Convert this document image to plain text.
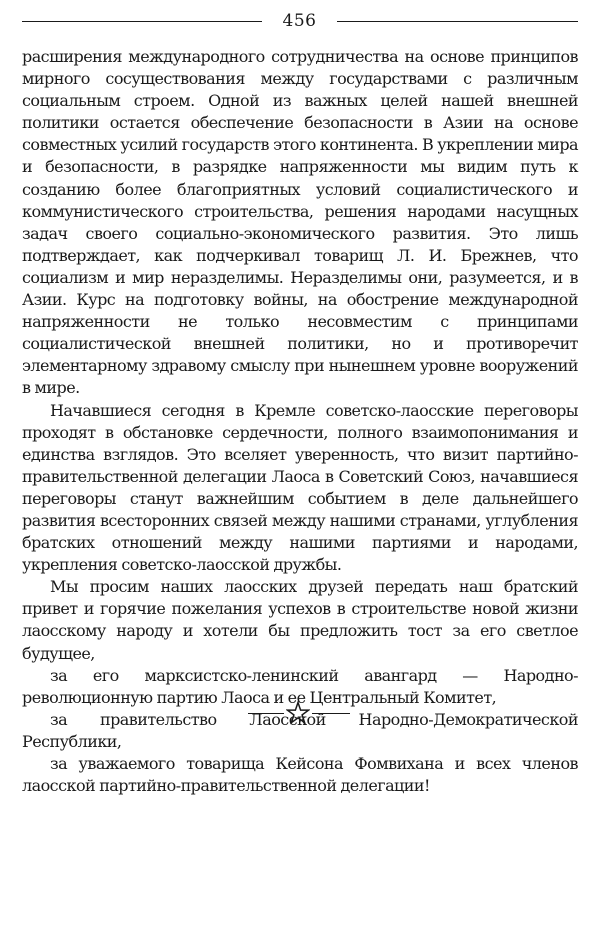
456

расширения международного сотрудничества на основе принципов мирного сосуществования между государствами с различным социальным строем. Одной из важных целей нашей внешней политики остается обеспечение безопасности в Азии на основе совместных усилий государств этого континента. В укреплении мира и безопасности, в разрядке напряженности мы видим путь к созданию более благоприятных условий социалистического и коммунистического строительства, решения народами насущных задач своего социально-экономического развития. Это лишь подтверждает, как подчеркивал товарищ Л. И. Брежнев, что социализм и мир неразделимы. Неразделимы они, разумеется, и в Азии. Курс на подготовку войны, на обострение международной напряженности не только несовместим с принципами социалистической внешней политики, но и противоречит элементарному здравому смыслу при нынешнем уровне вооружений в мире.

Начавшиеся сегодня в Кремле советско-лаосские переговоры проходят в обстановке сердечности, полного взаимопонимания и единства взглядов. Это вселяет уверенность, что визит партийно-правительственной делегации Лаоса в Советский Союз, начавшиеся переговоры станут важнейшим событием в деле дальнейшего развития всесторонних связей между нашими странами, углубления братских отношений между нашими партиями и народами, укрепления советско-лаосской дружбы.

Мы просим наших лаосских друзей передать наш братский привет и горячие пожелания успехов в строительстве новой жизни лаосскому народу и хотели бы предложить тост за его светлое будущее,

за его марксистско-ленинский авангард — Народно-революционную партию Лаоса и ее Центральный Комитет,

за правительство Лаосской Народно-Демократической Республики,

за уважаемого товарища Кейсона Фомвихана и всех членов лаосской партийно-правительственной делегации!
